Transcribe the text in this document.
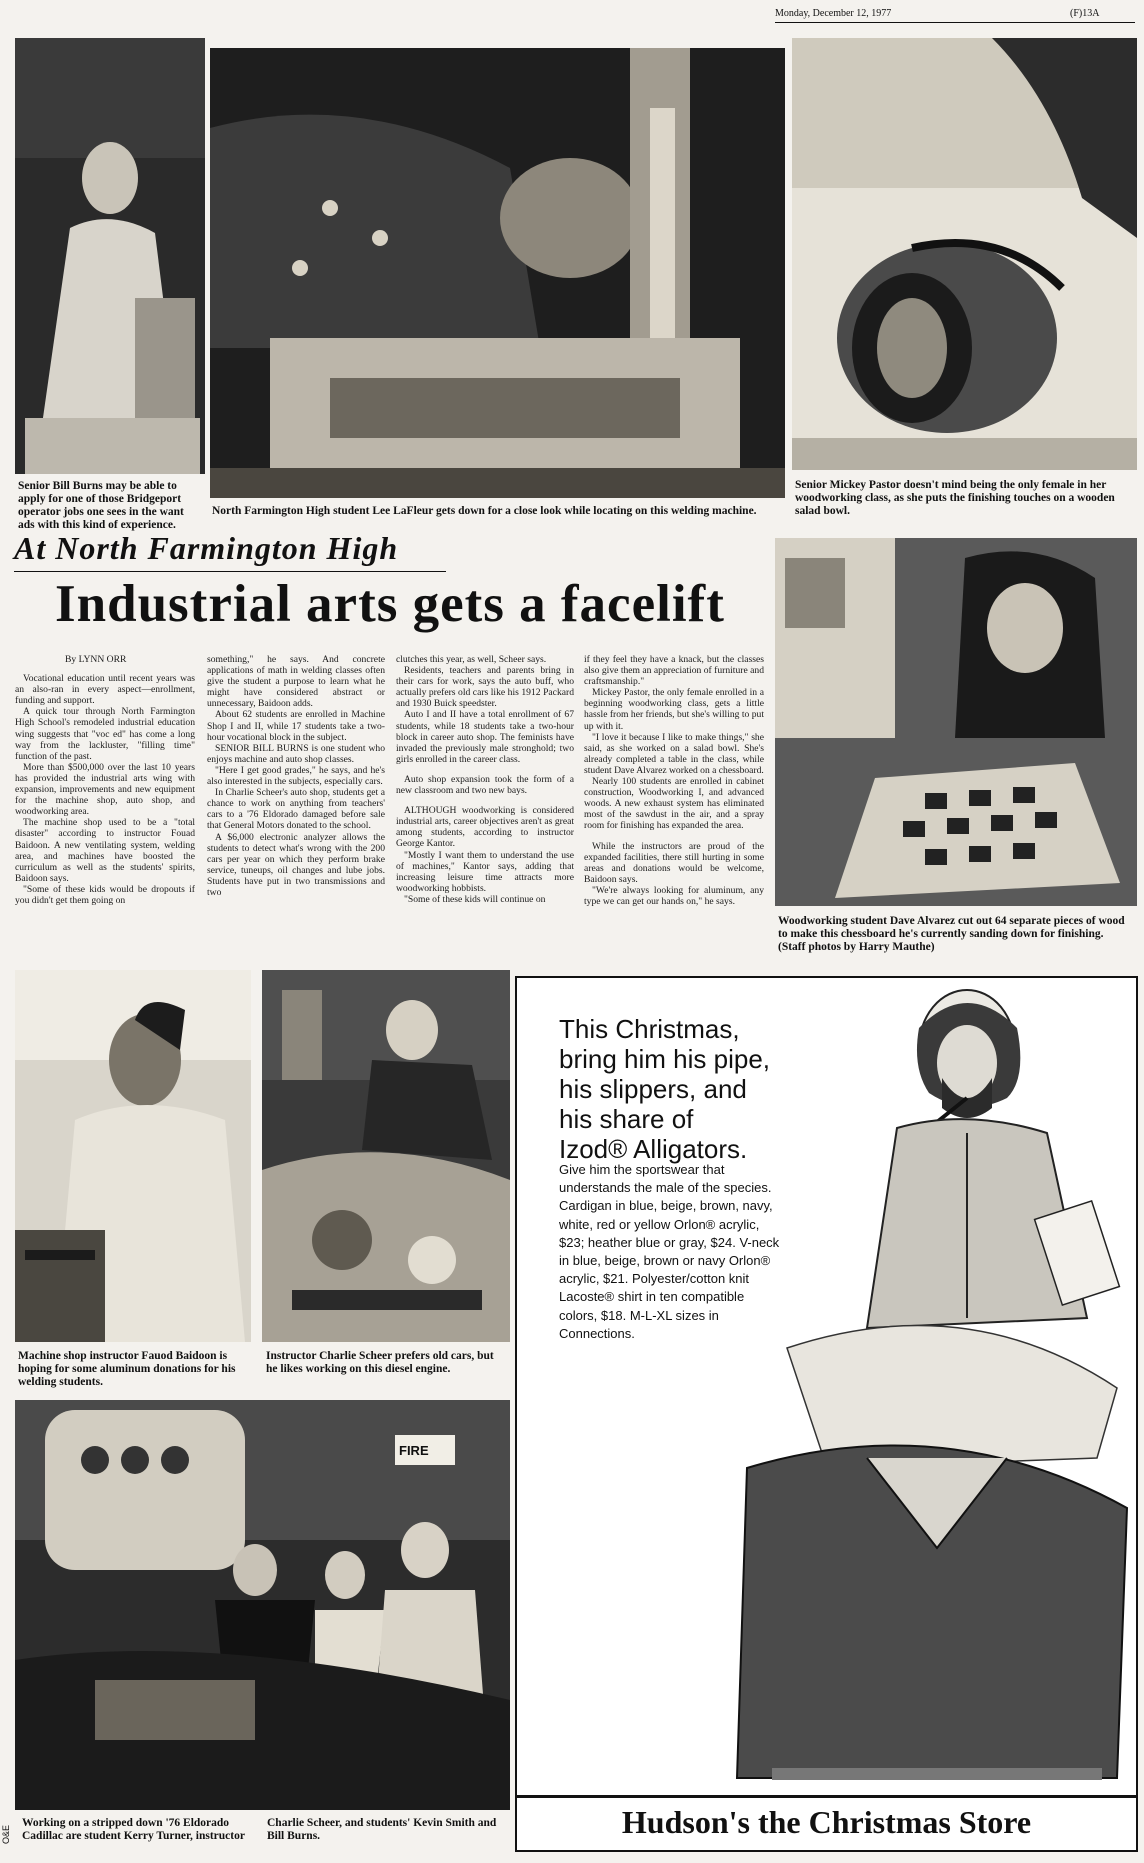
Monday, December 12, 1977	(F)13A
Senior Bill Burns may be able to apply for one of those Bridgeport operator jobs one sees in the want ads with this kind of experience.
North Farmington High student Lee LaFleur gets down for a close look while locating on this welding machine.
Senior Mickey Pastor doesn't mind being the only female in her woodworking class, as she puts the finishing touches on a wooden salad bowl.
At North Farmington High
Industrial arts gets a facelift

By LYNN ORR

Vocational education until recent years was an also-ran in every aspect—enrollment, funding and support.

A quick tour through North Farmington High School's remodeled industrial education wing suggests that "voc ed" has come a long way from the lackluster, "filling time" function of the past.

More than $500,000 over the last 10 years has provided the industrial arts wing with expansion, improvements and new equipment for the machine shop, auto shop, and woodworking area.

The machine shop used to be a "total disaster" according to instructor Fouad Baidoon. A new ventilating system, welding area, and machines have boosted the curriculum as well as the students' spirits, Baidoon says.

"Some of these kids would be dropouts if you didn't get them going on

something," he says. And concrete applications of math in welding classes often give the student a purpose to learn what he might have considered abstract or unnecessary, Baidoon adds.

About 62 students are enrolled in Machine Shop I and II, while 17 students take a two-hour vocational block in the subject.

SENIOR BILL BURNS is one student who enjoys machine and auto shop classes.

"Here I get good grades," he says, and he's also interested in the subjects, especially cars.

In Charlie Scheer's auto shop, students get a chance to work on anything from teachers' cars to a '76 Eldorado damaged before sale that General Motors donated to the school.

A $6,000 electronic analyzer allows the students to detect what's wrong with the 200 cars per year on which they perform brake service, tuneups, oil changes and lube jobs. Students have put in two transmissions and two

clutches this year, as well, Scheer says.

Residents, teachers and parents bring in their cars for work, says the auto buff, who actually prefers old cars like his 1912 Packard and 1930 Buick speedster.

Auto I and II have a total enrollment of 67 students, while 18 students take a two-hour block in career auto shop. The feminists have invaded the previously male stronghold; two girls enrolled in the career class.

Auto shop expansion took the form of a new classroom and two new bays.

ALTHOUGH woodworking is considered industrial arts, career objectives aren't as great among students, according to instructor George Kantor.

"Mostly I want them to understand the use of machines," Kantor says, adding that increasing leisure time attracts more woodworking hobbists.

"Some of these kids will continue on

if they feel they have a knack, but the classes also give them an appreciation of furniture and craftsmanship."

Mickey Pastor, the only female enrolled in a beginning woodworking class, gets a little hassle from her friends, but she's willing to put up with it.

"I love it because I like to make things," she said, as she worked on a salad bowl. She's already completed a table in the class, while student Dave Alvarez worked on a chessboard.

Nearly 100 students are enrolled in cabinet construction, Woodworking I, and advanced woods. A new exhaust system has eliminated most of the sawdust in the air, and a spray room for finishing has expanded the area.

While the instructors are proud of the expanded facilities, there still hurting in some areas and donations would be welcome, Baidoon says.

"We're always looking for aluminum, any type we can get our hands on," he says.

Woodworking student Dave Alvarez cut out 64 separate pieces of wood to make this chessboard he's currently sanding down for finishing. (Staff photos by Harry Mauthe)
Machine shop instructor Fauod Baidoon is hoping for some aluminum donations for his welding students.
Instructor Charlie Scheer prefers old cars, but he likes working on this diesel engine.
FIRE
Working on a stripped down '76 Eldorado Cadillac are student Kerry Turner, instructor
Charlie Scheer, and students' Kevin Smith and Bill Burns.
O&E
This Christmas,
bring him his pipe,
his slippers, and
his share of
Izod® Alligators.
Give him the sportswear that understands the male of the species. Cardigan in blue, beige, brown, navy, white, red or yellow Orlon® acrylic, $23; heather blue or gray, $24. V-neck in blue, beige, brown or navy Orlon® acrylic, $21. Polyester/cotton knit Lacoste® shirt in ten compatible colors, $18. M-L-XL sizes in Connections.
Hudson's the Christmas Store
